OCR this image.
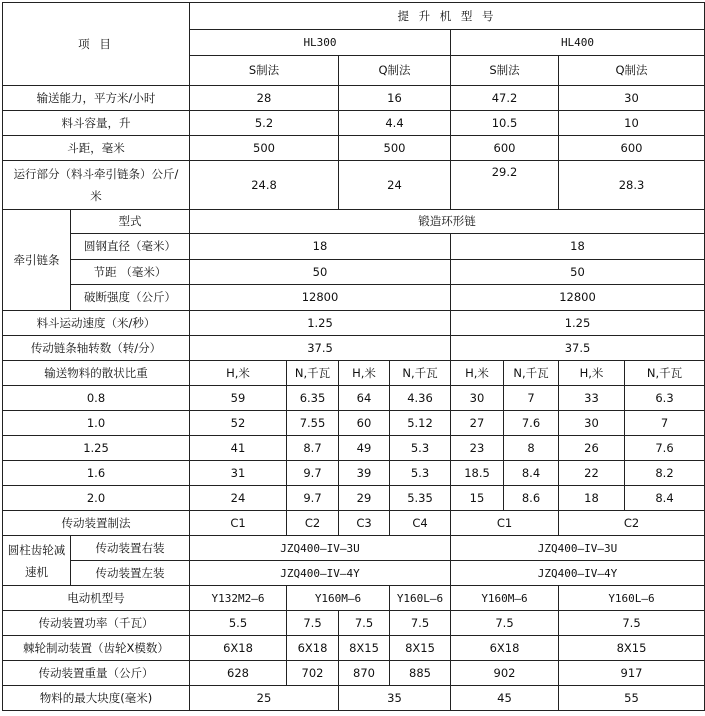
项 目		提 升 机 型 号							
		HL300				HL400			
		S制法		Q制法		S制法		Q制法	
输送能力，平方米/小时		28		16		47.2		30	
料斗容量，升		5.2		4.4		10.5		10	
斗距，毫米		500		500		600		600	
运行部分（料斗牵引链条）公斤/米		24.8		24		29.2		28.3	
牵引链条	型式	锻造环形链							
	圆钢直径（毫米）	18				18			
	节距 （毫米）	50				50			
	破断强度（公斤）	12800				12800			
料斗运动速度（米/秒）		1.25				1.25			
传动链条轴转数（转/分）		37.5				37.5			
输送物料的散状比重		H,米	N,千瓦	H,米	N,千瓦	H,米	N,千瓦	H,米	N,千瓦
0.8		59	6.35	64	4.36	30	7	33	6.3
1.0		52	7.55	60	5.12	27	7.6	30	7
1.25		41	8.7	49	5.3	23	8	26	7.6
1.6		31	9.7	39	5.3	18.5	8.4	22	8.2
2.0		24	9.7	29	5.35	15	8.6	18	8.4
传动装置制法		C1	C2	C3	C4	C1		C2	
圆柱齿轮减速机	传动装置右装	JZQ400—IV—3U				JZQ400—IV—3U			
	传动装置左装	JZQ400—IV—4Y				JZQ400—IV—4Y			
电动机型号		Y132M2—6	Y160M—6		Y160L—6	Y160M—6		Y160L—6	
传动装置功率（千瓦）		5.5	7.5	7.5	7.5	7.5		7.5	
棘轮制动装置（齿轮X模数）		6X18	6X18	8X15	8X15	6X18		8X15	
传动装置重量（公斤）		628	702	870	885	902		917	
物料的最大块度(毫米)		25		35		45		55	
